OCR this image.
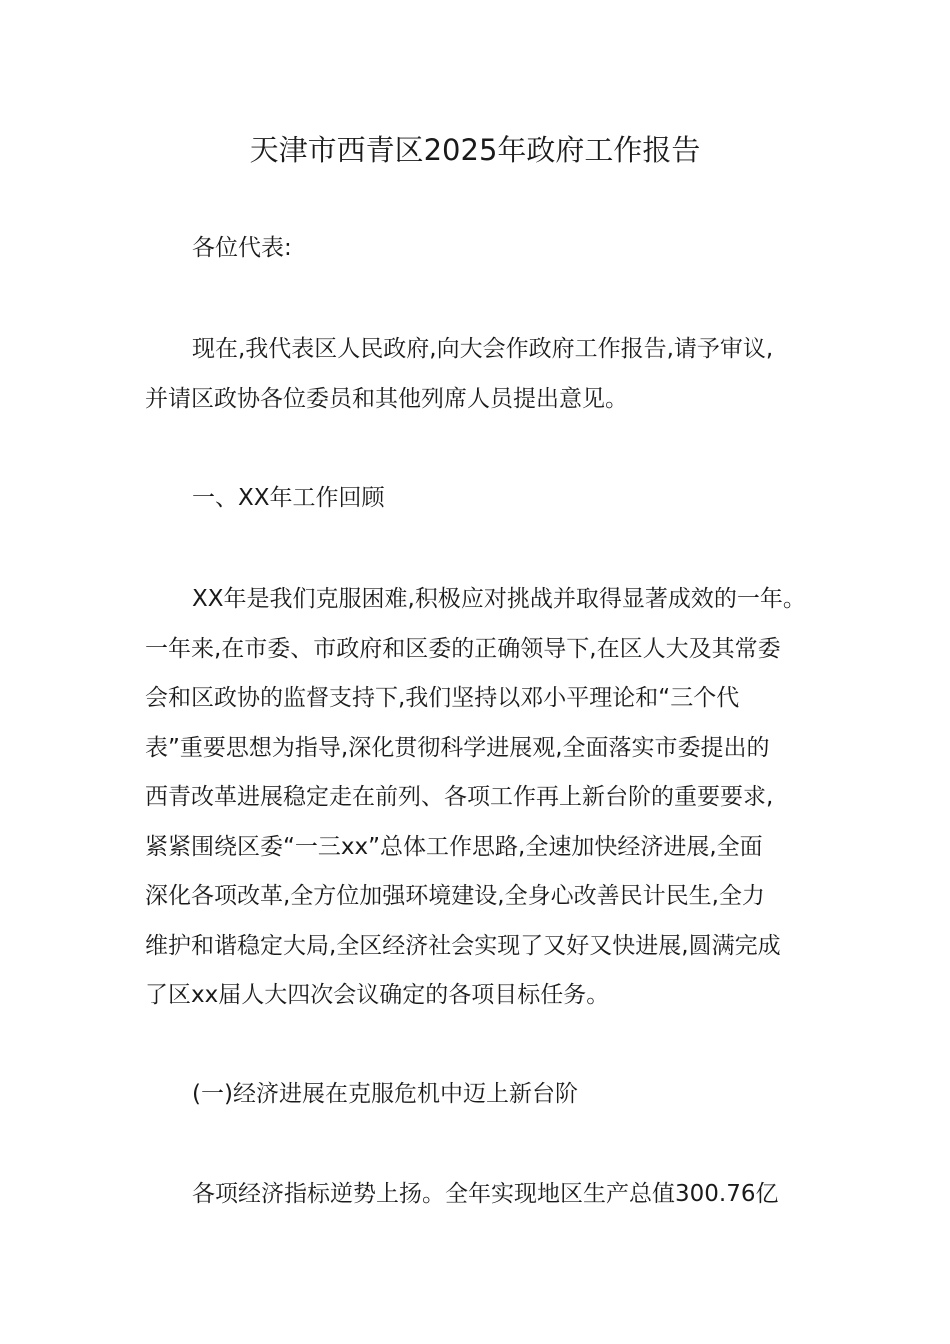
天津市西青区2025年政府工作报告
各位代表:
现在,我代表区人民政府,向大会作政府工作报告,请予审议,
并请区政协各位委员和其他列席人员提出意见。
一、XX年工作回顾
XX年是我们克服困难,积极应对挑战并取得显著成效的一年。
一年来,在市委、市政府和区委的正确领导下,在区人大及其常委
会和区政协的监督支持下,我们坚持以邓小平理论和“三个代
表”重要思想为指导,深化贯彻科学进展观,全面落实市委提出的
西青改革进展稳定走在前列、各项工作再上新台阶的重要要求,
紧紧围绕区委“一三xx”总体工作思路,全速加快经济进展,全面
深化各项改革,全方位加强环境建设,全身心改善民计民生,全力
维护和谐稳定大局,全区经济社会实现了又好又快进展,圆满完成
了区xx届人大四次会议确定的各项目标任务。
(一)经济进展在克服危机中迈上新台阶
各项经济指标逆势上扬。全年实现地区生产总值300.76亿
